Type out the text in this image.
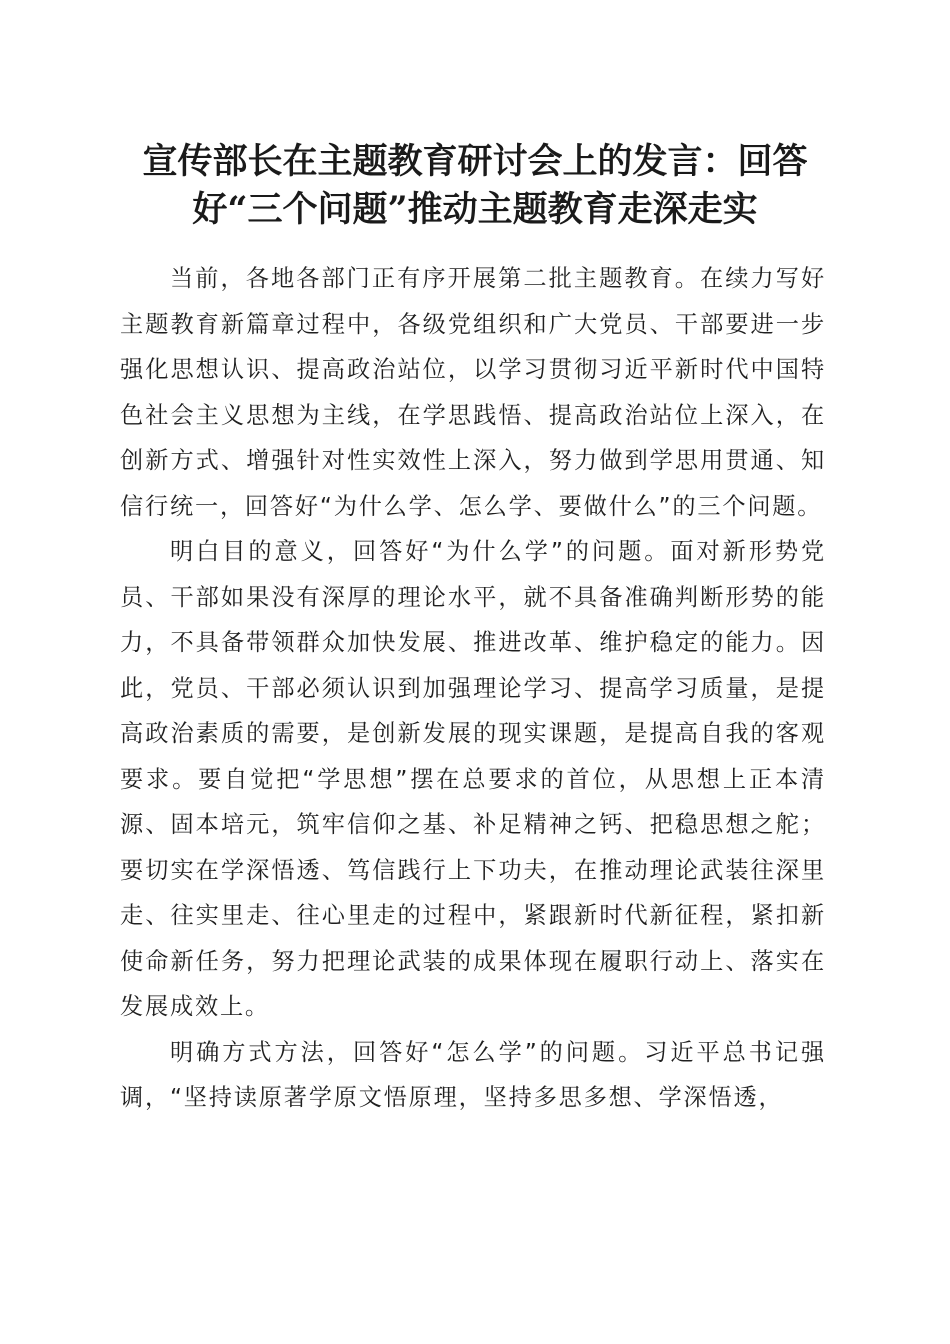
宣传部长在主题教育研讨会上的发言：回答
好“三个问题”推动主题教育走深走实

当前，各地各部门正有序开展第二批主题教育。在续力写好主题教育新篇章过程中，各级党组织和广大党员、干部要进一步强化思想认识、提高政治站位，以学习贯彻习近平新时代中国特色社会主义思想为主线，在学思践悟、提高政治站位上深入，在创新方式、增强针对性实效性上深入，努力做到学思用贯通、知信行统一，回答好“为什么学、怎么学、要做什么”的三个问题。

明白目的意义，回答好“为什么学”的问题。面对新形势党员、干部如果没有深厚的理论水平，就不具备准确判断形势的能力，不具备带领群众加快发展、推进改革、维护稳定的能力。因此，党员、干部必须认识到加强理论学习、提高学习质量，是提高政治素质的需要，是创新发展的现实课题，是提高自我的客观要求。要自觉把“学思想”摆在总要求的首位，从思想上正本清源、固本培元，筑牢信仰之基、补足精神之钙、把稳思想之舵；要切实在学深悟透、笃信践行上下功夫，在推动理论武装往深里走、往实里走、往心里走的过程中，紧跟新时代新征程，紧扣新使命新任务，努力把理论武装的成果体现在履职行动上、落实在发展成效上。

明确方式方法，回答好“怎么学”的问题。习近平总书记强调，“坚持读原著学原文悟原理，坚持多思多想、学深悟透，
